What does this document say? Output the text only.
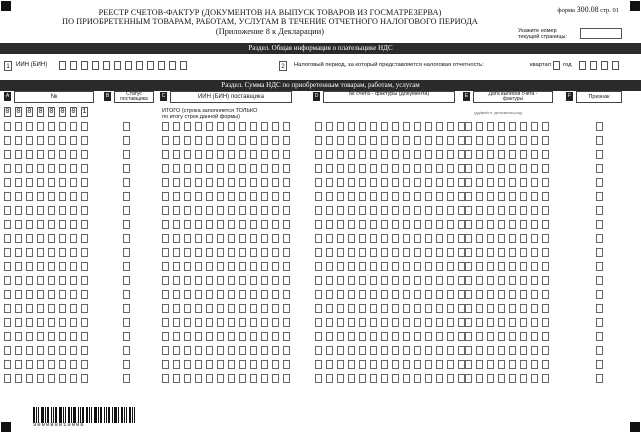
РЕЕСТР СЧЕТОВ-ФАКТУР (ДОКУМЕНТОВ НА ВЫПУСК ТОВАРОВ ИЗ ГОСМАТРЕЗЕРВА)
ПО ПРИОБРЕТЕННЫМ ТОВАРАМ, РАБОТАМ, УСЛУГАМ В ТЕЧЕНИЕ ОТЧЕТНОГО НАЛОГОВОГО ПЕРИОДА
(Приложение 8 к Декларации)
форма 300.08 стр. 01
Укажите номер
текущей страницы:
Раздел. Общая информация о плательщике НДС
1	ИИН (БИН)	2	Налоговый период, за который представляется налоговая отчетность:	квартал год
Раздел. Сумма НДС по приобретенным товарам, работам, услугам
A	№	B	Статус поставщика	C	ИИН (БИН) поставщика	D	№ счета - фактуры (документа)	E	Дата выписки счета - фактуры	F	Признак
0 0 0 0 0 0 0 1	ИТОГО (строка заполняется ТОЛЬКО
по итогу строк данной формы)
(дд/мм/гггг, день/месяц/год)
300080010006
